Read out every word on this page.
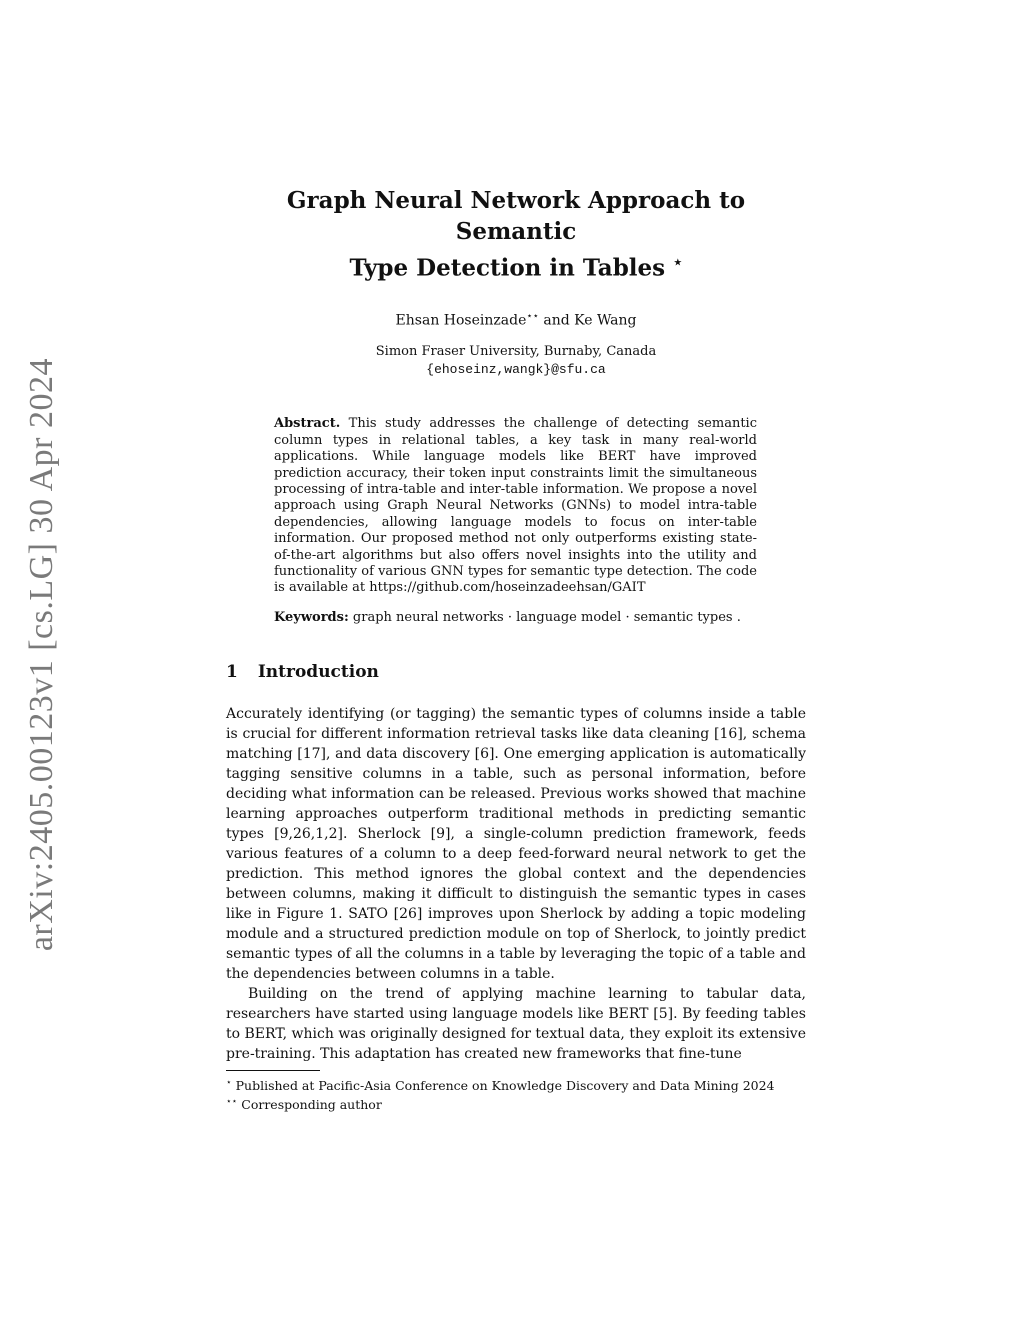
arXiv:2405.00123v1 [cs.LG] 30 Apr 2024
Graph Neural Network Approach to Semantic
Type Detection in Tables ⋆
Ehsan Hoseinzade⋆⋆ and Ke Wang
Simon Fraser University, Burnaby, Canada
{ehoseinz,wangk}@sfu.ca
Abstract. This study addresses the challenge of detecting semantic column types in relational tables, a key task in many real-world applications. While language models like BERT have improved prediction accuracy, their token input constraints limit the simultaneous processing of intra-table and inter-table information. We propose a novel approach using Graph Neural Networks (GNNs) to model intra-table dependencies, allowing language models to focus on inter-table information. Our proposed method not only outperforms existing state-of-the-art algorithms but also offers novel insights into the utility and functionality of various GNN types for semantic type detection. The code is available at https://github.com/hoseinzadeehsan/GAIT
Keywords: graph neural networks · language model · semantic types .
1 Introduction

Accurately identifying (or tagging) the semantic types of columns inside a table is crucial for different information retrieval tasks like data cleaning [16], schema matching [17], and data discovery [6]. One emerging application is automatically tagging sensitive columns in a table, such as personal information, before deciding what information can be released. Previous works showed that machine learning approaches outperform traditional methods in predicting semantic types [9,26,1,2]. Sherlock [9], a single-column prediction framework, feeds various features of a column to a deep feed-forward neural network to get the prediction. This method ignores the global context and the dependencies between columns, making it difficult to distinguish the semantic types in cases like in Figure 1. SATO [26] improves upon Sherlock by adding a topic modeling module and a structured prediction module on top of Sherlock, to jointly predict semantic types of all the columns in a table by leveraging the topic of a table and the dependencies between columns in a table.

Building on the trend of applying machine learning to tabular data, researchers have started using language models like BERT [5]. By feeding tables to BERT, which was originally designed for textual data, they exploit its extensive pre-training. This adaptation has created new frameworks that fine-tune

⋆ Published at Pacific-Asia Conference on Knowledge Discovery and Data Mining 2024
⋆⋆ Corresponding author
